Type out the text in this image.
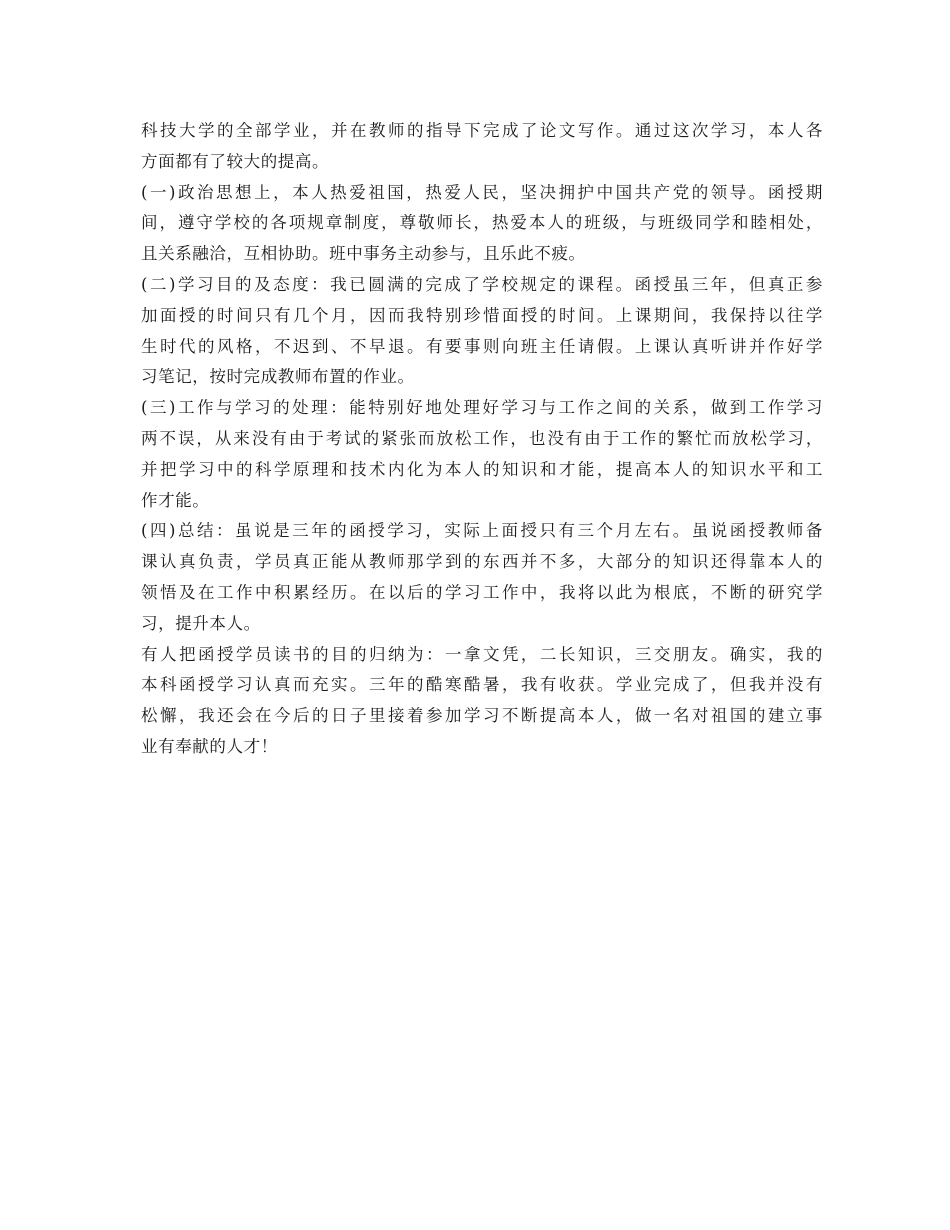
科技大学的全部学业，并在教师的指导下完成了论文写作。通过这次学习，本人各
方面都有了较大的提高。
(一)政治思想上，本人热爱祖国，热爱人民，坚决拥护中国共产党的领导。函授期
间，遵守学校的各项规章制度，尊敬师长，热爱本人的班级，与班级同学和睦相处，
且关系融洽，互相协助。班中事务主动参与，且乐此不疲。
(二)学习目的及态度：我已圆满的完成了学校规定的课程。函授虽三年，但真正参
加面授的时间只有几个月，因而我特别珍惜面授的时间。上课期间，我保持以往学
生时代的风格，不迟到、不早退。有要事则向班主任请假。上课认真听讲并作好学
习笔记，按时完成教师布置的作业。
(三)工作与学习的处理：能特别好地处理好学习与工作之间的关系，做到工作学习
两不误，从来没有由于考试的紧张而放松工作，也没有由于工作的繁忙而放松学习，
并把学习中的科学原理和技术内化为本人的知识和才能，提高本人的知识水平和工
作才能。
(四)总结：虽说是三年的函授学习，实际上面授只有三个月左右。虽说函授教师备
课认真负责，学员真正能从教师那学到的东西并不多，大部分的知识还得靠本人的
领悟及在工作中积累经历。在以后的学习工作中，我将以此为根底，不断的研究学
习，提升本人。
有人把函授学员读书的目的归纳为：一拿文凭，二长知识，三交朋友。确实，我的
本科函授学习认真而充实。三年的酷寒酷暑，我有收获。学业完成了，但我并没有
松懈，我还会在今后的日子里接着参加学习不断提高本人，做一名对祖国的建立事
业有奉献的人才！
